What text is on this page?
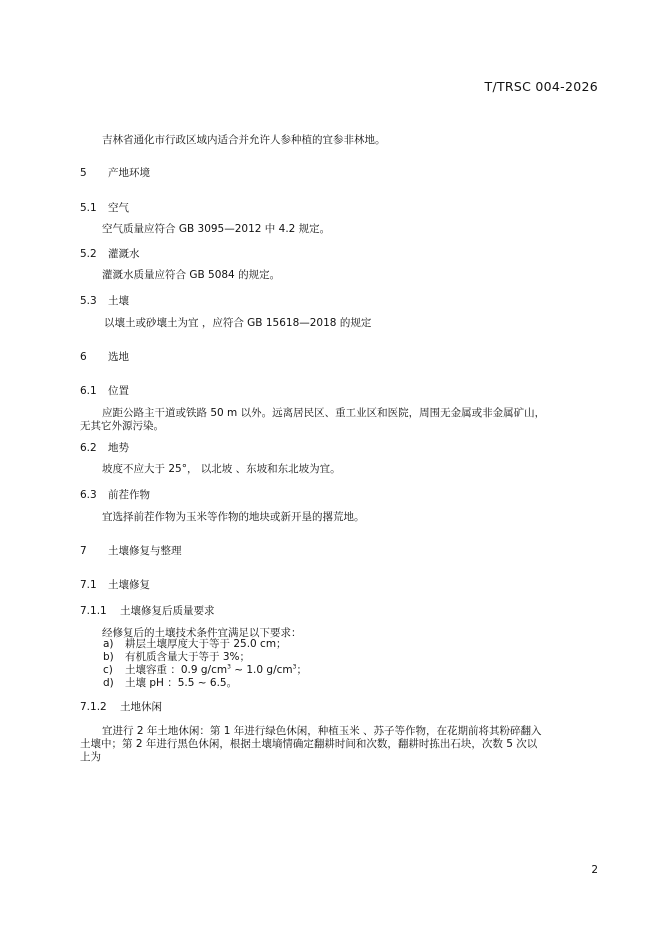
T/TRSC 004-2026
吉林省通化市行政区域内适合并允许人参种植的宜参非林地。
5 产地环境
5.1 空气
空气质量应符合 GB 3095—2012 中 4.2 规定。
5.2 灌溉水
灌溉水质量应符合 GB 5084 的规定。
5.3 土壤
以壤土或砂壤土为宜 ，应符合 GB 15618—2018 的规定
6 选地
6.1 位置
应距公路主干道或铁路 50 m 以外。远离居民区、重工业区和医院，周围无金属或非金属矿山，
无其它外源污染。
6.2 地势
坡度不应大于 25°， 以北坡 、东坡和东北坡为宜。
6.3 前茬作物
宜选择前茬作物为玉米等作物的地块或新开垦的撂荒地。
7 土壤修复与整理
7.1 土壤修复
7.1.1 土壤修复后质量要求
经修复后的土壤技术条件宜满足以下要求：
a) 耕层土壤厚度大于等于 25.0 cm；
b) 有机质含量大于等于 3%；
c) 土壤容重 ：0.9 $g/cm^3$ ~ 1.0 $g/cm^3$；
d) 土壤 pH ：5.5 ~ 6.5。
7.1.2 土地休闲
宜进行 2 年土地休闲：第 1 年进行绿色休闲，种植玉米 、苏子等作物，在花期前将其粉碎翻入
土壤中；第 2 年进行黑色休闲，根据土壤墒情确定翻耕时间和次数，翻耕时拣出石块，次数 5 次以
上为
2
